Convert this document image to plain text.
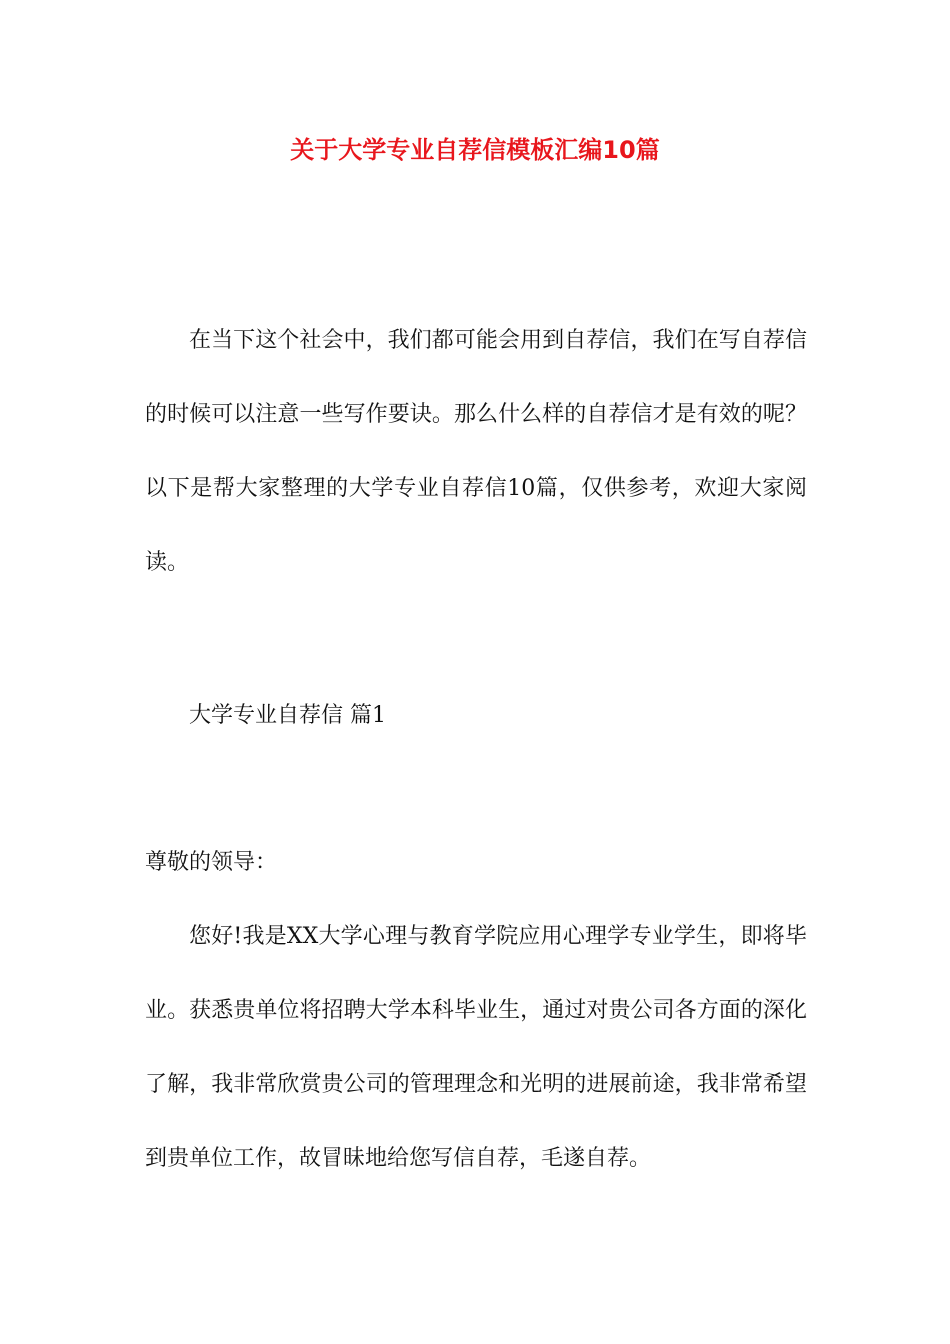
关于大学专业自荐信模板汇编10篇

在当下这个社会中，我们都可能会用到自荐信，我们在写自荐信的时候可以注意一些写作要诀。那么什么样的自荐信才是有效的呢？以下是帮大家整理的大学专业自荐信10篇，仅供参考，欢迎大家阅读。

大学专业自荐信 篇1

尊敬的领导：

您好!我是XX大学心理与教育学院应用心理学专业学生，即将毕业。获悉贵单位将招聘大学本科毕业生，通过对贵公司各方面的深化了解，我非常欣赏贵公司的管理理念和光明的进展前途，我非常希望到贵单位工作，故冒昧地给您写信自荐，毛遂自荐。
